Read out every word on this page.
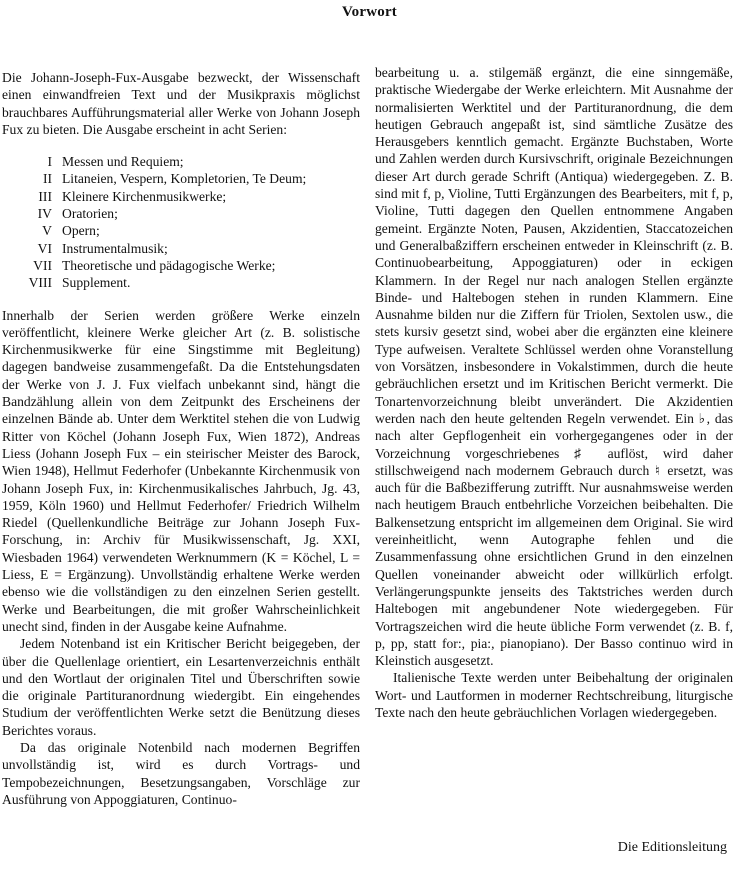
Vorwort

Die Johann-Joseph-Fux-Ausgabe bezweckt, der Wissenschaft einen einwandfreien Text und der Musikpraxis möglichst brauchbares Aufführungsmaterial aller Werke von Johann Joseph Fux zu bieten. Die Ausgabe erscheint in acht Serien:

I Messen und Requiem;
II Litaneien, Vespern, Kompletorien, Te Deum;
III Kleinere Kirchenmusikwerke;
IV Oratorien;
V Opern;
VI Instrumentalmusik;
VII Theoretische und pädagogische Werke;
VIII Supplement.

Innerhalb der Serien werden größere Werke einzeln veröffentlicht, kleinere Werke gleicher Art (z. B. solistische Kirchenmusikwerke für eine Singstimme mit Begleitung) dagegen bandweise zusammengefaßt. Da die Entstehungsdaten der Werke von J. J. Fux vielfach unbekannt sind, hängt die Bandzählung allein von dem Zeitpunkt des Erscheinens der einzelnen Bände ab. Unter dem Werktitel stehen die von Ludwig Ritter von Köchel (Johann Joseph Fux, Wien 1872), Andreas Liess (Johann Joseph Fux – ein steirischer Meister des Barock, Wien 1948), Hellmut Federhofer (Unbekannte Kirchenmusik von Johann Joseph Fux, in: Kirchenmusikalisches Jahrbuch, Jg. 43, 1959, Köln 1960) und Hellmut Federhofer/ Friedrich Wilhelm Riedel (Quellenkundliche Beiträge zur Johann Joseph Fux-Forschung, in: Archiv für Musikwissenschaft, Jg. XXI, Wiesbaden 1964) verwendeten Werknummern (K = Köchel, L = Liess, E = Ergänzung). Unvollständig erhaltene Werke werden ebenso wie die vollständigen zu den einzelnen Serien gestellt. Werke und Bearbeitungen, die mit großer Wahrscheinlichkeit unecht sind, finden in der Ausgabe keine Aufnahme.

Jedem Notenband ist ein Kritischer Bericht beigegeben, der über die Quellenlage orientiert, ein Lesartenverzeichnis enthält und den Wortlaut der originalen Titel und Überschriften sowie die originale Partituranordnung wiedergibt. Ein eingehendes Studium der veröffentlichten Werke setzt die Benützung dieses Berichtes voraus.

Da das originale Notenbild nach modernen Begriffen unvollständig ist, wird es durch Vortrags- und Tempobezeichnungen, Besetzungsangaben, Vorschläge zur Ausführung von Appoggiaturen, Continuo-

bearbeitung u. a. stilgemäß ergänzt, die eine sinngemäße, praktische Wiedergabe der Werke erleichtern. Mit Ausnahme der normalisierten Werktitel und der Partituranordnung, die dem heutigen Gebrauch angepaßt ist, sind sämtliche Zusätze des Herausgebers kenntlich gemacht. Ergänzte Buchstaben, Worte und Zahlen werden durch Kursivschrift, originale Bezeichnungen dieser Art durch gerade Schrift (Antiqua) wiedergegeben. Z. B. sind mit f, p, Violine, Tutti Ergänzungen des Bearbeiters, mit f, p, Violine, Tutti dagegen den Quellen entnommene Angaben gemeint. Ergänzte Noten, Pausen, Akzidentien, Staccatozeichen und Generalbaßziffern erscheinen entweder in Kleinschrift (z. B. Continuobearbeitung, Appoggiaturen) oder in eckigen Klammern. In der Regel nur nach analogen Stellen ergänzte Binde- und Haltebogen stehen in runden Klammern. Eine Ausnahme bilden nur die Ziffern für Triolen, Sextolen usw., die stets kursiv gesetzt sind, wobei aber die ergänzten eine kleinere Type aufweisen. Veraltete Schlüssel werden ohne Voranstellung von Vorsätzen, insbesondere in Vokalstimmen, durch die heute gebräuchlichen ersetzt und im Kritischen Bericht vermerkt. Die Tonartenvorzeichnung bleibt unverändert. Die Akzidentien werden nach den heute geltenden Regeln verwendet. Ein ♭, das nach alter Gepflogenheit ein vorhergegangenes oder in der Vorzeichnung vorgeschriebenes ♯ auflöst, wird daher stillschweigend nach modernem Gebrauch durch ♮ ersetzt, was auch für die Baßbezifferung zutrifft. Nur ausnahmsweise werden nach heutigem Brauch entbehrliche Vorzeichen beibehalten. Die Balkensetzung entspricht im allgemeinen dem Original. Sie wird vereinheitlicht, wenn Autographe fehlen und die Zusammenfassung ohne ersichtlichen Grund in den einzelnen Quellen voneinander abweicht oder willkürlich erfolgt. Verlängerungspunkte jenseits des Taktstriches werden durch Haltebogen mit angebundener Note wiedergegeben. Für Vortragszeichen wird die heute übliche Form verwendet (z. B. f, p, pp, statt for:, pia:, pianopiano). Der Basso continuo wird in Kleinstich ausgesetzt.

Italienische Texte werden unter Beibehaltung der originalen Wort- und Lautformen in moderner Rechtschreibung, liturgische Texte nach den heute gebräuchlichen Vorlagen wiedergegeben.

Die Editionsleitung
